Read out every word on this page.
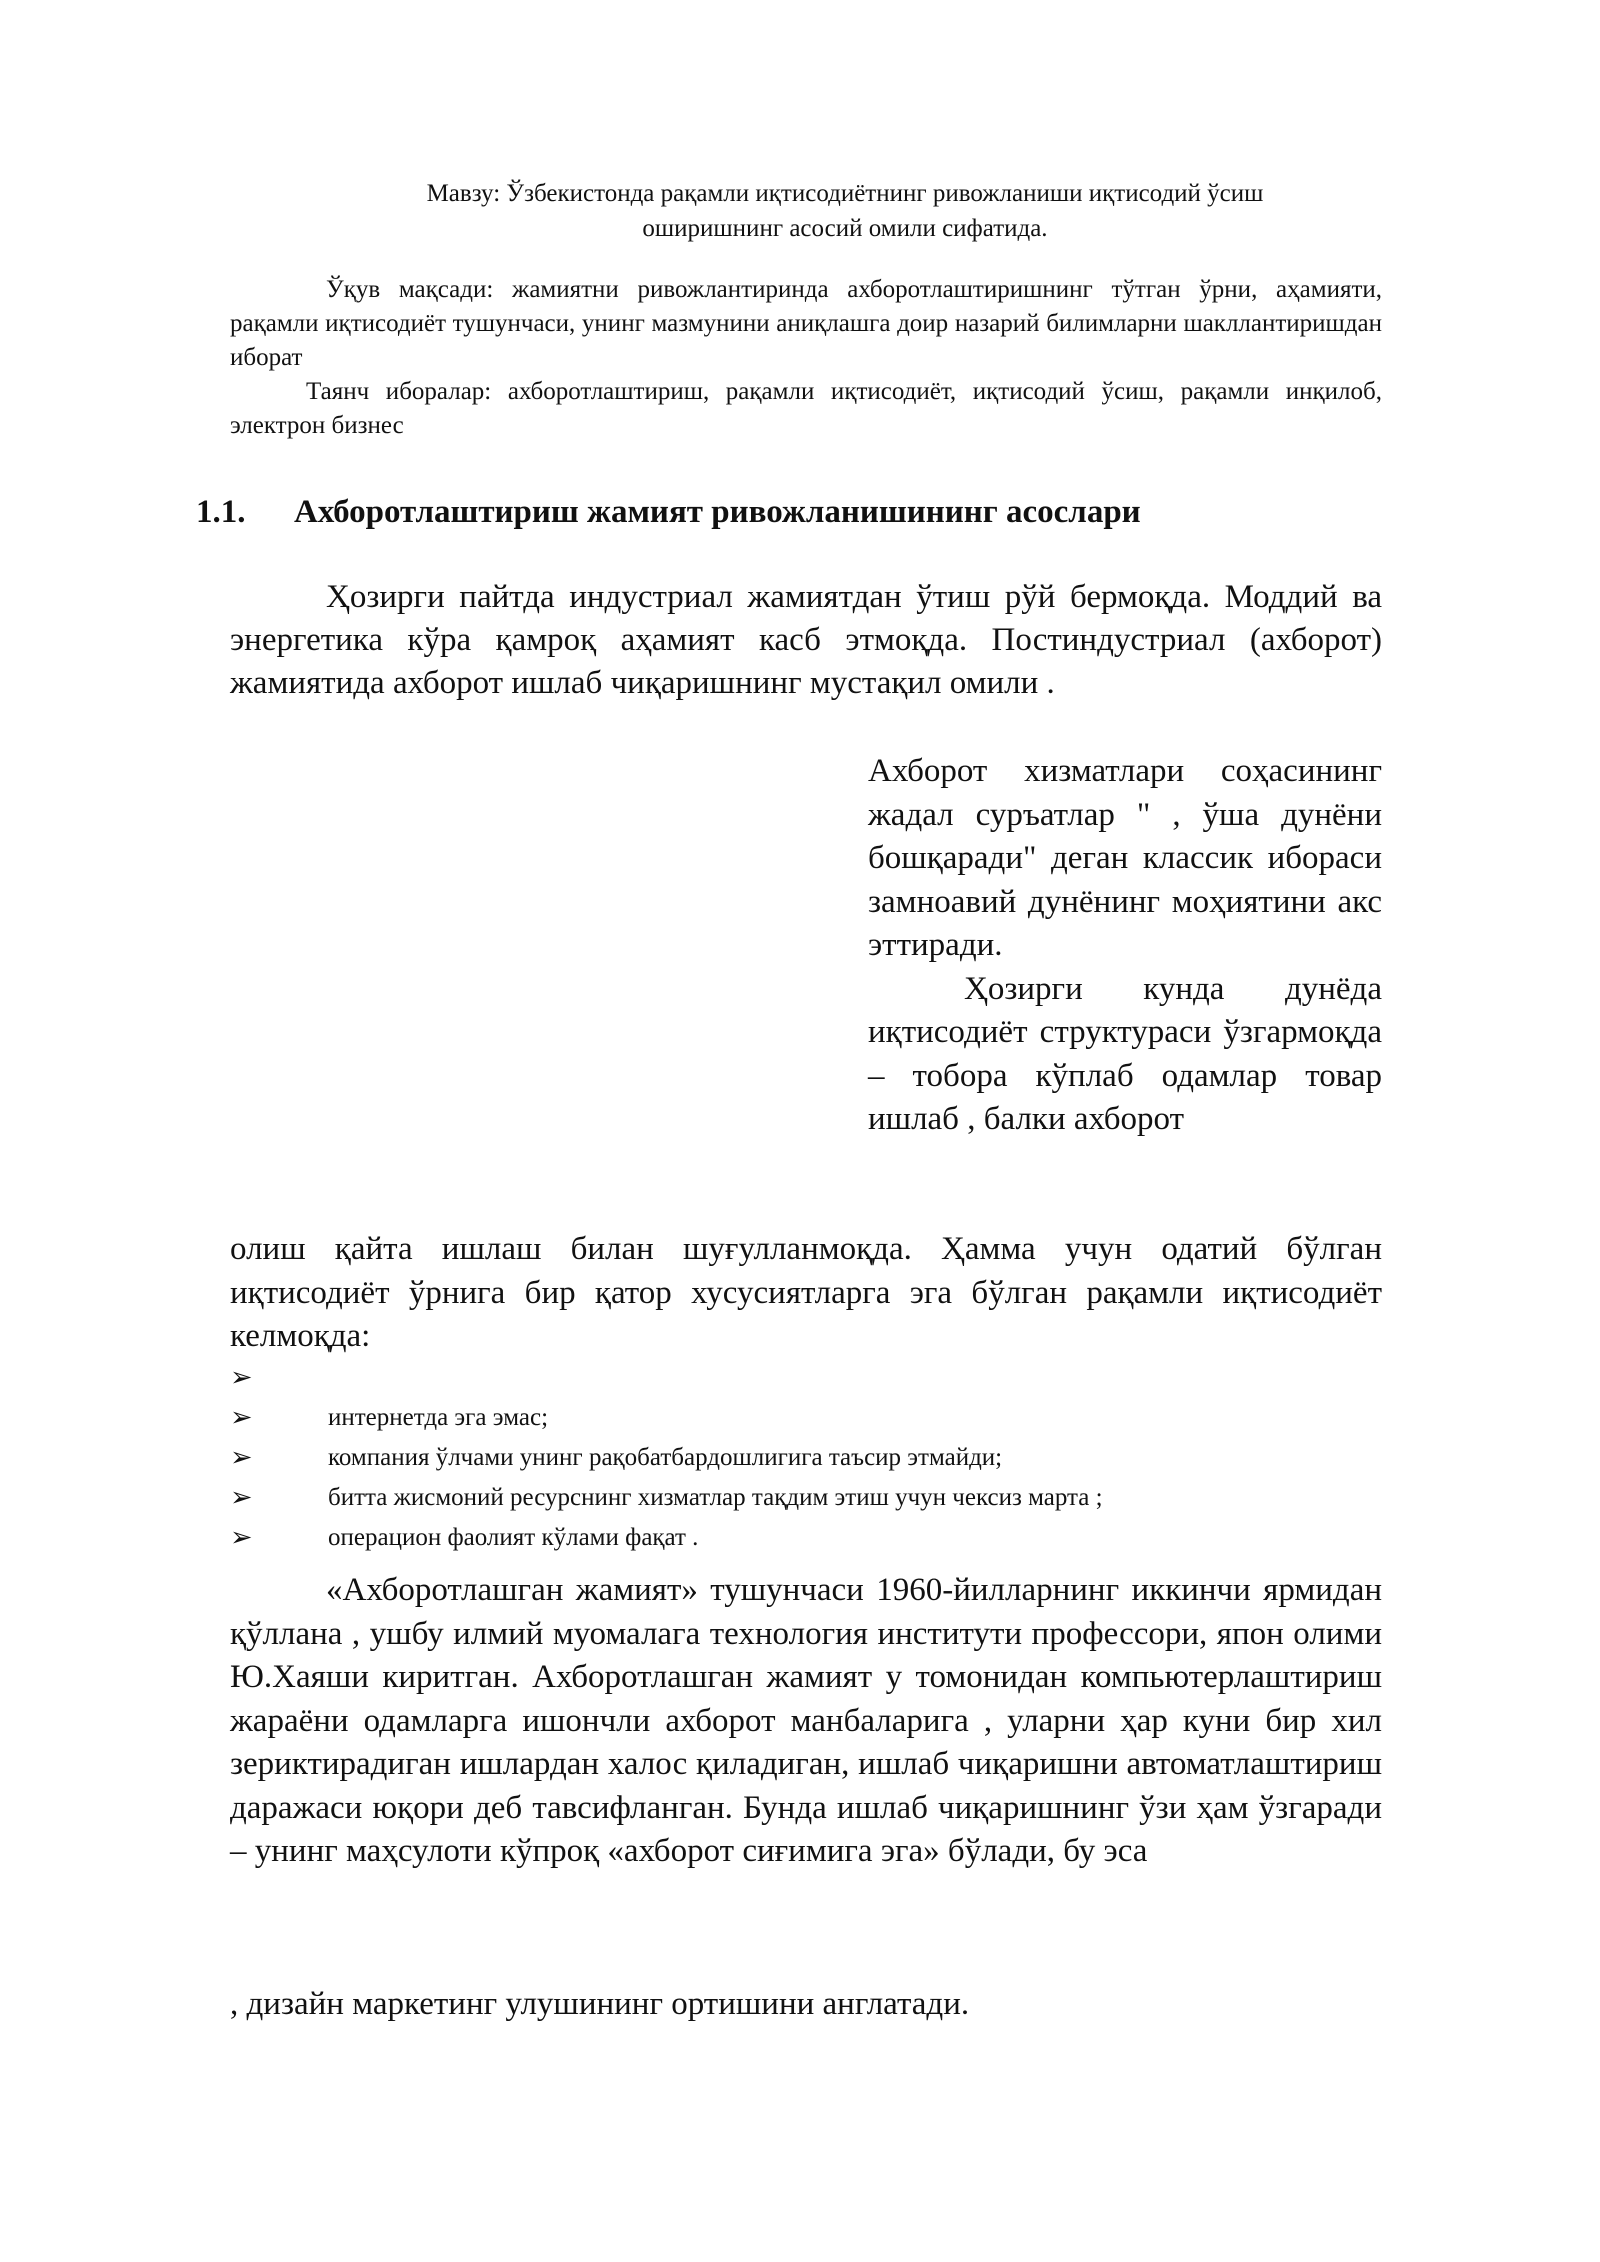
Мавзу: Ўзбекистонда рақамли иқтисодиётнинг ривожланиши иқтисодий ўсиш
оширишнинг асосий омили сифатида.

Ўқув мақсади: жамиятни ривожлантиринда ахборотлаштиришнинг тўтган ўрни, аҳамияти, рақамли иқтисодиёт тушунчаси, унинг мазмунини аниқлашга доир назарий билимларни шакллантиришдан иборат

Таянч иборалар: ахборотлаштириш, рақамли иқтисодиёт, иқтисодий ўсиш, рақамли инқилоб, электрон бизнес

1.1. Ахборотлаштириш жамият ривожланишининг асослари

Ҳозирги пайтда индустриал жамиятдан ўтиш рўй бермоқда. Моддий ва энергетика кўра қамроқ аҳамият касб этмоқда. Постиндустриал (ахборот) жамиятида ахборот ишлаб чиқаришнинг мустақил омили .

Ахборот хизматлари соҳасининг жадал суръатлар " , ўша дунёни бошқаради" деган классик ибораси замноавий дунёнинг моҳиятини акс эттиради.

Ҳозирги кунда дунёда иқтисодиёт структураси ўзгармоқда – тобора кўплаб одамлар товар ишлаб , балки ахборот

олиш қайта ишлаш билан шуғулланмоқда. Ҳамма учун одатий бўлган иқтисодиёт ўрнига бир қатор хусусиятларга эга бўлган рақамли иқтисодиёт келмоқда:

➢
➢	интернетда эга эмас;
➢	компания ўлчами унинг рақобатбардошлигига таъсир этмайди;
➢	битта жисмоний ресурснинг хизматлар тақдим этиш учун чексиз марта ;
➢	операцион фаолият кўлами фақат .

«Ахборотлашган жамият» тушунчаси 1960-йилларнинг иккинчи ярмидан қўллана , ушбу илмий муомалага технология институти профессори, япон олими Ю.Хаяши киритган. Ахборотлашган жамият у томонидан компьютерлаштириш жараёни одамларга ишончли ахборот манбаларига , уларни ҳар куни бир хил зериктирадиган ишлардан халос қиладиган, ишлаб чиқаришни автоматлаштириш даражаси юқори деб тавсифланган. Бунда ишлаб чиқаришнинг ўзи ҳам ўзгаради – унинг маҳсулоти кўпроқ «ахборот сиғимига эга» бўлади, бу эса

, дизайн маркетинг улушининг ортишини англатади.
